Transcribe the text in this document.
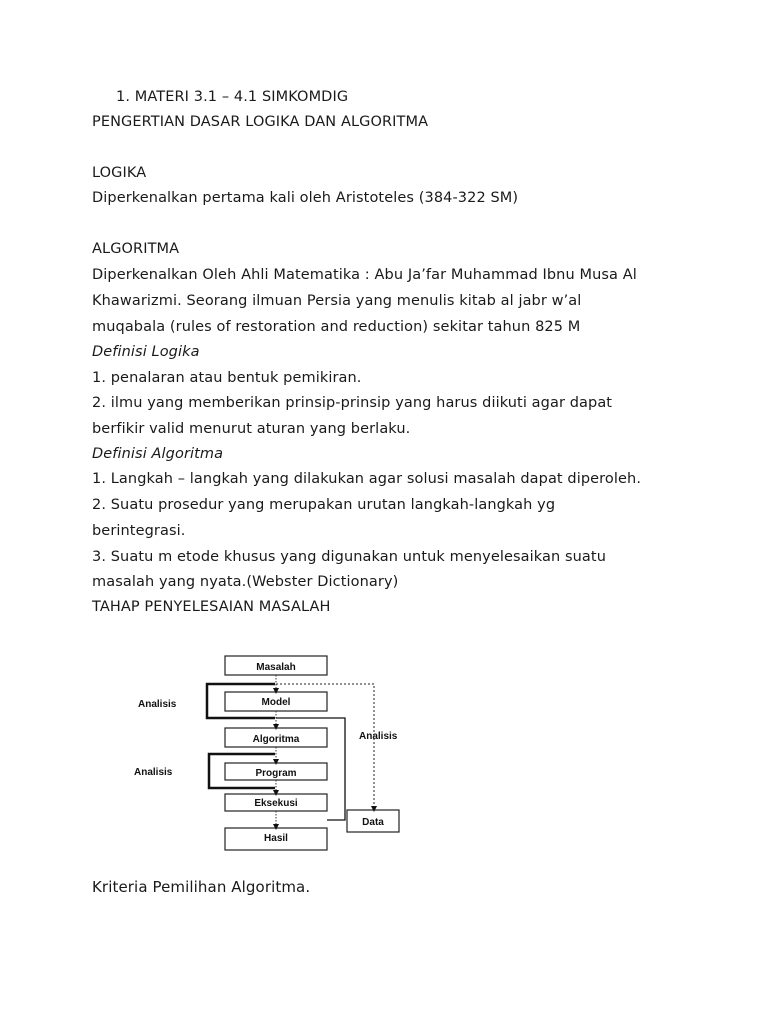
1. MATERI 3.1 – 4.1 SIMKOMDIG
PENGERTIAN DASAR LOGIKA DAN ALGORITMA
LOGIKA
Diperkenalkan pertama kali oleh Aristoteles (384-322 SM)
ALGORITMA
Diperkenalkan Oleh Ahli Matematika : Abu Ja’far Muhammad Ibnu Musa Al
Khawarizmi. Seorang ilmuan Persia yang menulis kitab al jabr w’al
muqabala (rules of restoration and reduction) sekitar tahun 825 M
Definisi Logika
1. penalaran atau bentuk pemikiran.
2. ilmu yang memberikan prinsip-prinsip yang harus diikuti agar dapat
berfikir valid menurut aturan yang berlaku.
Definisi Algoritma
1. Langkah – langkah yang dilakukan agar solusi masalah dapat diperoleh.
2. Suatu prosedur yang merupakan urutan langkah-langkah yg
berintegrasi.
3. Suatu m etode khusus yang digunakan untuk menyelesaikan suatu
masalah yang nyata.(Webster Dictionary)
TAHAP PENYELESAIAN MASALAH
Masalah
Model
Algoritma
Program
Eksekusi
Hasil
Data
Analisis
Analisis
Analisis
Kriteria Pemilihan Algoritma.
